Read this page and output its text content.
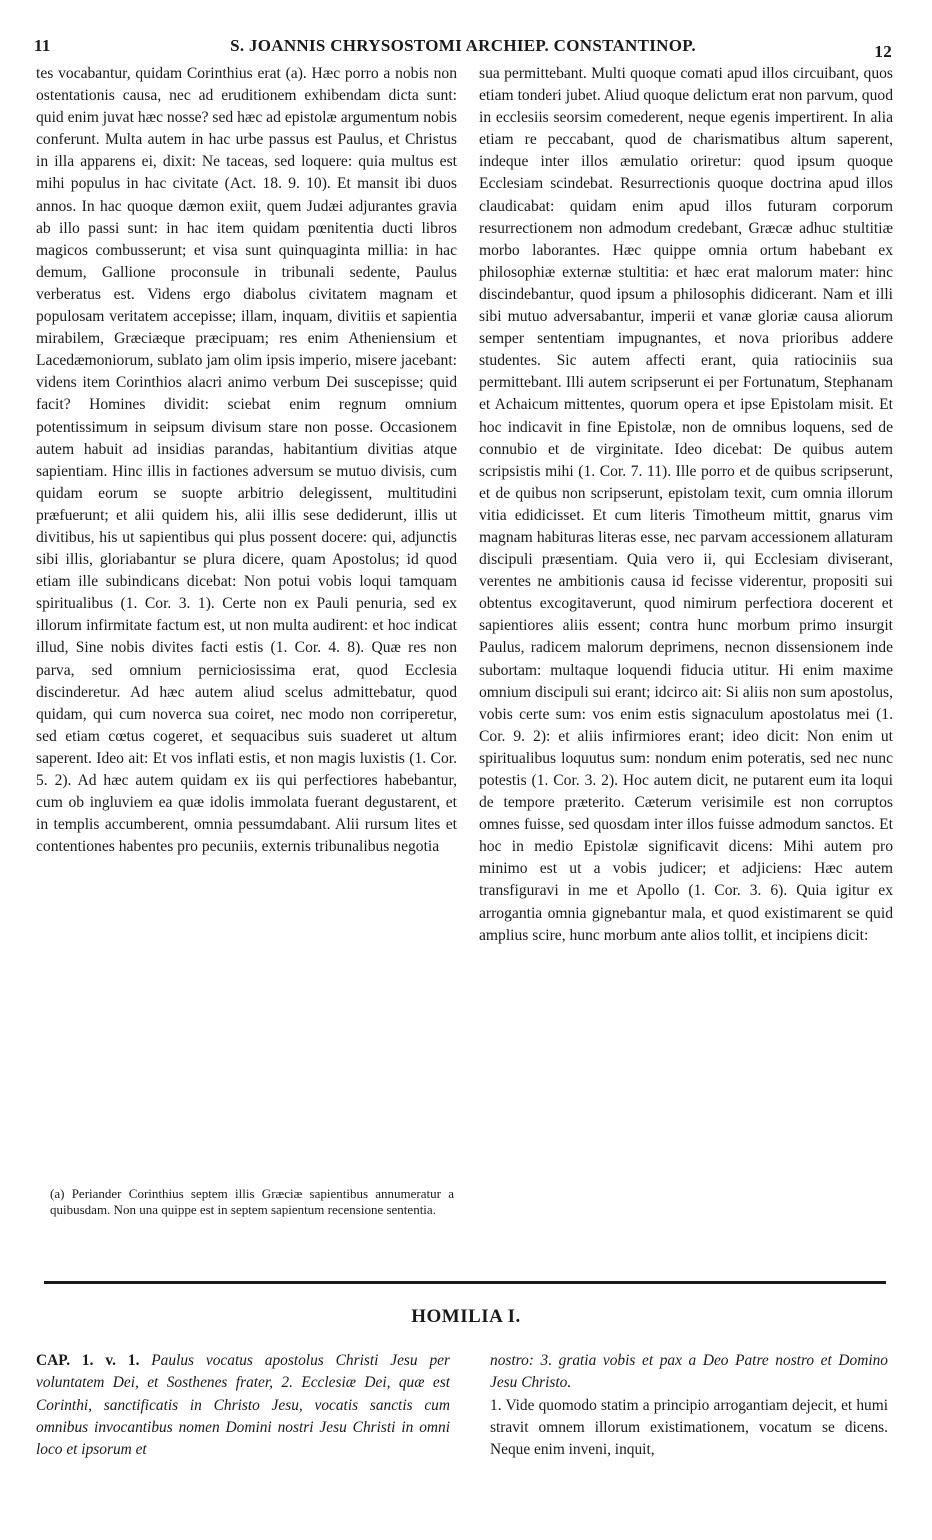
11	S. JOANNIS CHRYSOSTOMI ARCHIEP. CONSTANTINOP.	12

tes vocabantur, quidam Corinthius erat (a). Hæc porro a nobis non ostentationis causa, nec ad eruditionem exhibendam dicta sunt: quid enim juvat hæc nosse? sed hæc ad epistolæ argumentum nobis conferunt. Multa autem in hac urbe passus est Paulus, et Christus in illa apparens ei, dixit: Ne taceas, sed loquere: quia multus est mihi populus in hac civitate (Act. 18. 9. 10). Et mansit ibi duos annos. In hac quoque dæmon exiit, quem Judæi adjurantes gravia ab illo passi sunt: in hac item quidam pœnitentia ducti libros magicos combusserunt; et visa sunt quinquaginta millia: in hac demum, Gallione proconsule in tribunali sedente, Paulus verberatus est. Videns ergo diabolus civitatem magnam et populosam veritatem accepisse; illam, inquam, divitiis et sapientia mirabilem, Græciæque præcipuam; res enim Atheniensium et Lacedæmoniorum, sublato jam olim ipsis imperio, misere jacebant: videns item Corinthios alacri animo verbum Dei suscepisse; quid facit? Homines dividit: sciebat enim regnum omnium potentissimum in seipsum divisum stare non posse. Occasionem autem habuit ad insidias parandas, habitantium divitias atque sapientiam. Hinc illis in factiones adversum se mutuo divisis, cum quidam eorum se suopte arbitrio delegissent, multitudini præfuerunt; et alii quidem his, alii illis sese dediderunt, illis ut divitibus, his ut sapientibus qui plus possent docere: qui, adjunctis sibi illis, gloriabantur se plura dicere, quam Apostolus; id quod etiam ille subindicans dicebat: Non potui vobis loqui tamquam spiritualibus (1. Cor. 3. 1). Certe non ex Pauli penuria, sed ex illorum infirmitate factum est, ut non multa audirent: et hoc indicat illud, Sine nobis divites facti estis (1. Cor. 4. 8). Quæ res non parva, sed omnium perniciosissima erat, quod Ecclesia discinderetur. Ad hæc autem aliud scelus admittebatur, quod quidam, qui cum noverca sua coiret, nec modo non corriperetur, sed etiam cœtus cogeret, et sequacibus suis suaderet ut altum saperent. Ideo ait: Et vos inflati estis, et non magis luxistis (1. Cor. 5. 2). Ad hæc autem quidam ex iis qui perfectiores habebantur, cum ob ingluviem ea quæ idolis immolata fuerant degustarent, et in templis accumberent, omnia pessumdabant. Alii rursum lites et contentiones habentes pro pecuniis, externis tribunalibus negotia

(a) Periander Corinthius septem illis Græciæ sapientibus annumeratur a quibusdam. Non una quippe est in septem sapientum recensione sententia.

sua permittebant. Multi quoque comati apud illos circuibant, quos etiam tonderi jubet. Aliud quoque delictum erat non parvum, quod in ecclesiis seorsim comederent, neque egenis impertirent. In alia etiam re peccabant, quod de charismatibus altum saperent, indeque inter illos æmulatio oriretur: quod ipsum quoque Ecclesiam scindebat. Resurrectionis quoque doctrina apud illos claudicabat: quidam enim apud illos futuram corporum resurrectionem non admodum credebant, Græcæ adhuc stultitiæ morbo laborantes. Hæc quippe omnia ortum habebant ex philosophiæ externæ stultitia: et hæc erat malorum mater: hinc discindebantur, quod ipsum a philosophis didicerant. Nam et illi sibi mutuo adversabantur, imperii et vanæ gloriæ causa aliorum semper sententiam impugnantes, et nova prioribus addere studentes. Sic autem affecti erant, quia ratiociniis sua permittebant. Illi autem scripserunt ei per Fortunatum, Stephanam et Achaicum mittentes, quorum opera et ipse Epistolam misit. Et hoc indicavit in fine Epistolæ, non de omnibus loquens, sed de connubio et de virginitate. Ideo dicebat: De quibus autem scripsistis mihi (1. Cor. 7. 11). Ille porro et de quibus scripserunt, et de quibus non scripserunt, epistolam texit, cum omnia illorum vitia edidicisset. Et cum literis Timotheum mittit, gnarus vim magnam habituras literas esse, nec parvam accessionem allaturam discipuli præsentiam. Quia vero ii, qui Ecclesiam diviserant, verentes ne ambitionis causa id fecisse viderentur, propositi sui obtentus excogitaverunt, quod nimirum perfectiora docerent et sapientiores aliis essent; contra hunc morbum primo insurgit Paulus, radicem malorum deprimens, necnon dissensionem inde subortam: multaque loquendi fiducia utitur. Hi enim maxime omnium discipuli sui erant; idcirco ait: Si aliis non sum apostolus, vobis certe sum: vos enim estis signaculum apostolatus mei (1. Cor. 9. 2): et aliis infirmiores erant; ideo dicit: Non enim ut spiritualibus loquutus sum: nondum enim poteratis, sed nec nunc potestis (1. Cor. 3. 2). Hoc autem dicit, ne putarent eum ita loqui de tempore præterito. Cæterum verisimile est non corruptos omnes fuisse, sed quosdam inter illos fuisse admodum sanctos. Et hoc in medio Epistolæ significavit dicens: Mihi autem pro minimo est ut a vobis judicer; et adjiciens: Hæc autem transfiguravi in me et Apollo (1. Cor. 3. 6). Quia igitur ex arrogantia omnia gignebantur mala, et quod existimarent se quid amplius scire, hunc morbum ante alios tollit, et incipiens dicit:

HOMILIA I.
CAP. 1. v. 1. Paulus vocatus apostolus Christi Jesu per voluntatem Dei, et Sosthenes frater, 2. Ecclesiæ Dei, quæ est Corinthi, sanctificatis in Christo Jesu, vocatis sanctis cum omnibus invocantibus nomen Domini nostri Jesu Christi in omni loco et ipsorum et

nostro: 3. gratia vobis et pax a Deo Patre nostro et Domino Jesu Christo.

1. Vide quomodo statim a principio arrogantiam dejecit, et humi stravit omnem illorum existimationem, vocatum se dicens. Neque enim inveni, inquit,
